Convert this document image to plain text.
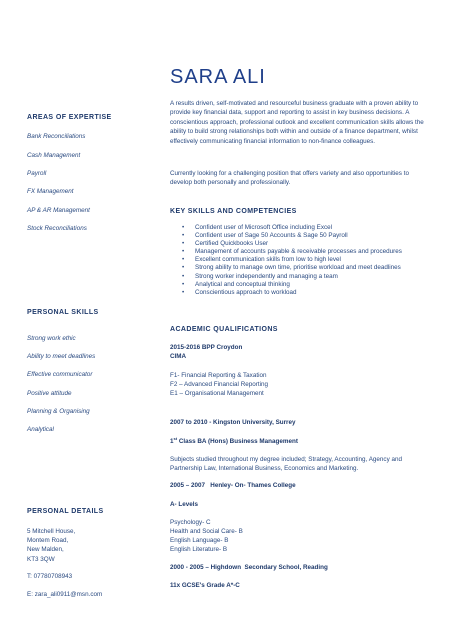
SARA ALI
AREAS OF EXPERTISE
Bank Reconciliations
Cash Management
Payroll
FX Management
AP & AR Management
Stock Reconciliations
PERSONAL SKILLS
Strong work ethic
Ability to meet deadlines
Effective communicator
Positive attitude
Planning & Organising
Analytical
PERSONAL DETAILS
5 Mitchell House,
Montem Road,
New Malden,
KT3 3QW
T: 07780708943
E: zara_ali0911@msn.com
A results driven, self-motivated and resourceful business graduate with a proven ability to provide key financial data, support and reporting to assist in key business decisions. A conscientious approach, professional outlook and excellent communication skills allows the ability to build strong relationships both within and outside of a finance department, whilst effectively communicating financial information to non-finance colleagues.
Currently looking for a challenging position that offers variety and also opportunities to develop both personally and professionally.
KEY SKILLS AND COMPETENCIES
• Confident user of Microsoft Office including Excel
• Confident user of Sage 50 Accounts & Sage 50 Payroll
• Certified Quickbooks User
• Management of accounts payable & receivable processes and procedures
• Excellent communication skills from low to high level
• Strong ability to manage own time, prioritise workload and meet deadlines
• Strong worker independently and managing a team
• Analytical and conceptual thinking
• Conscientious approach to workload
ACADEMIC QUALIFICATIONS
2015-2016 BPP Croydon
CIMA
F1- Financial Reporting & Taxation
F2 – Advanced Financial Reporting
E1 – Organisational Management
2007 to 2010 - Kingston University, Surrey
1st Class BA (Hons) Business Management
Subjects studied throughout my degree included; Strategy, Accounting, Agency and Partnership Law, International Business, Economics and Marketing.
2005 – 2007   Henley- On- Thames College
A- Levels
Psychology- C
Health and Social Care- B
English Language- B
English Literature- B
2000 - 2005 – Highdown  Secondary School, Reading
11x GCSE's Grade A*-C
